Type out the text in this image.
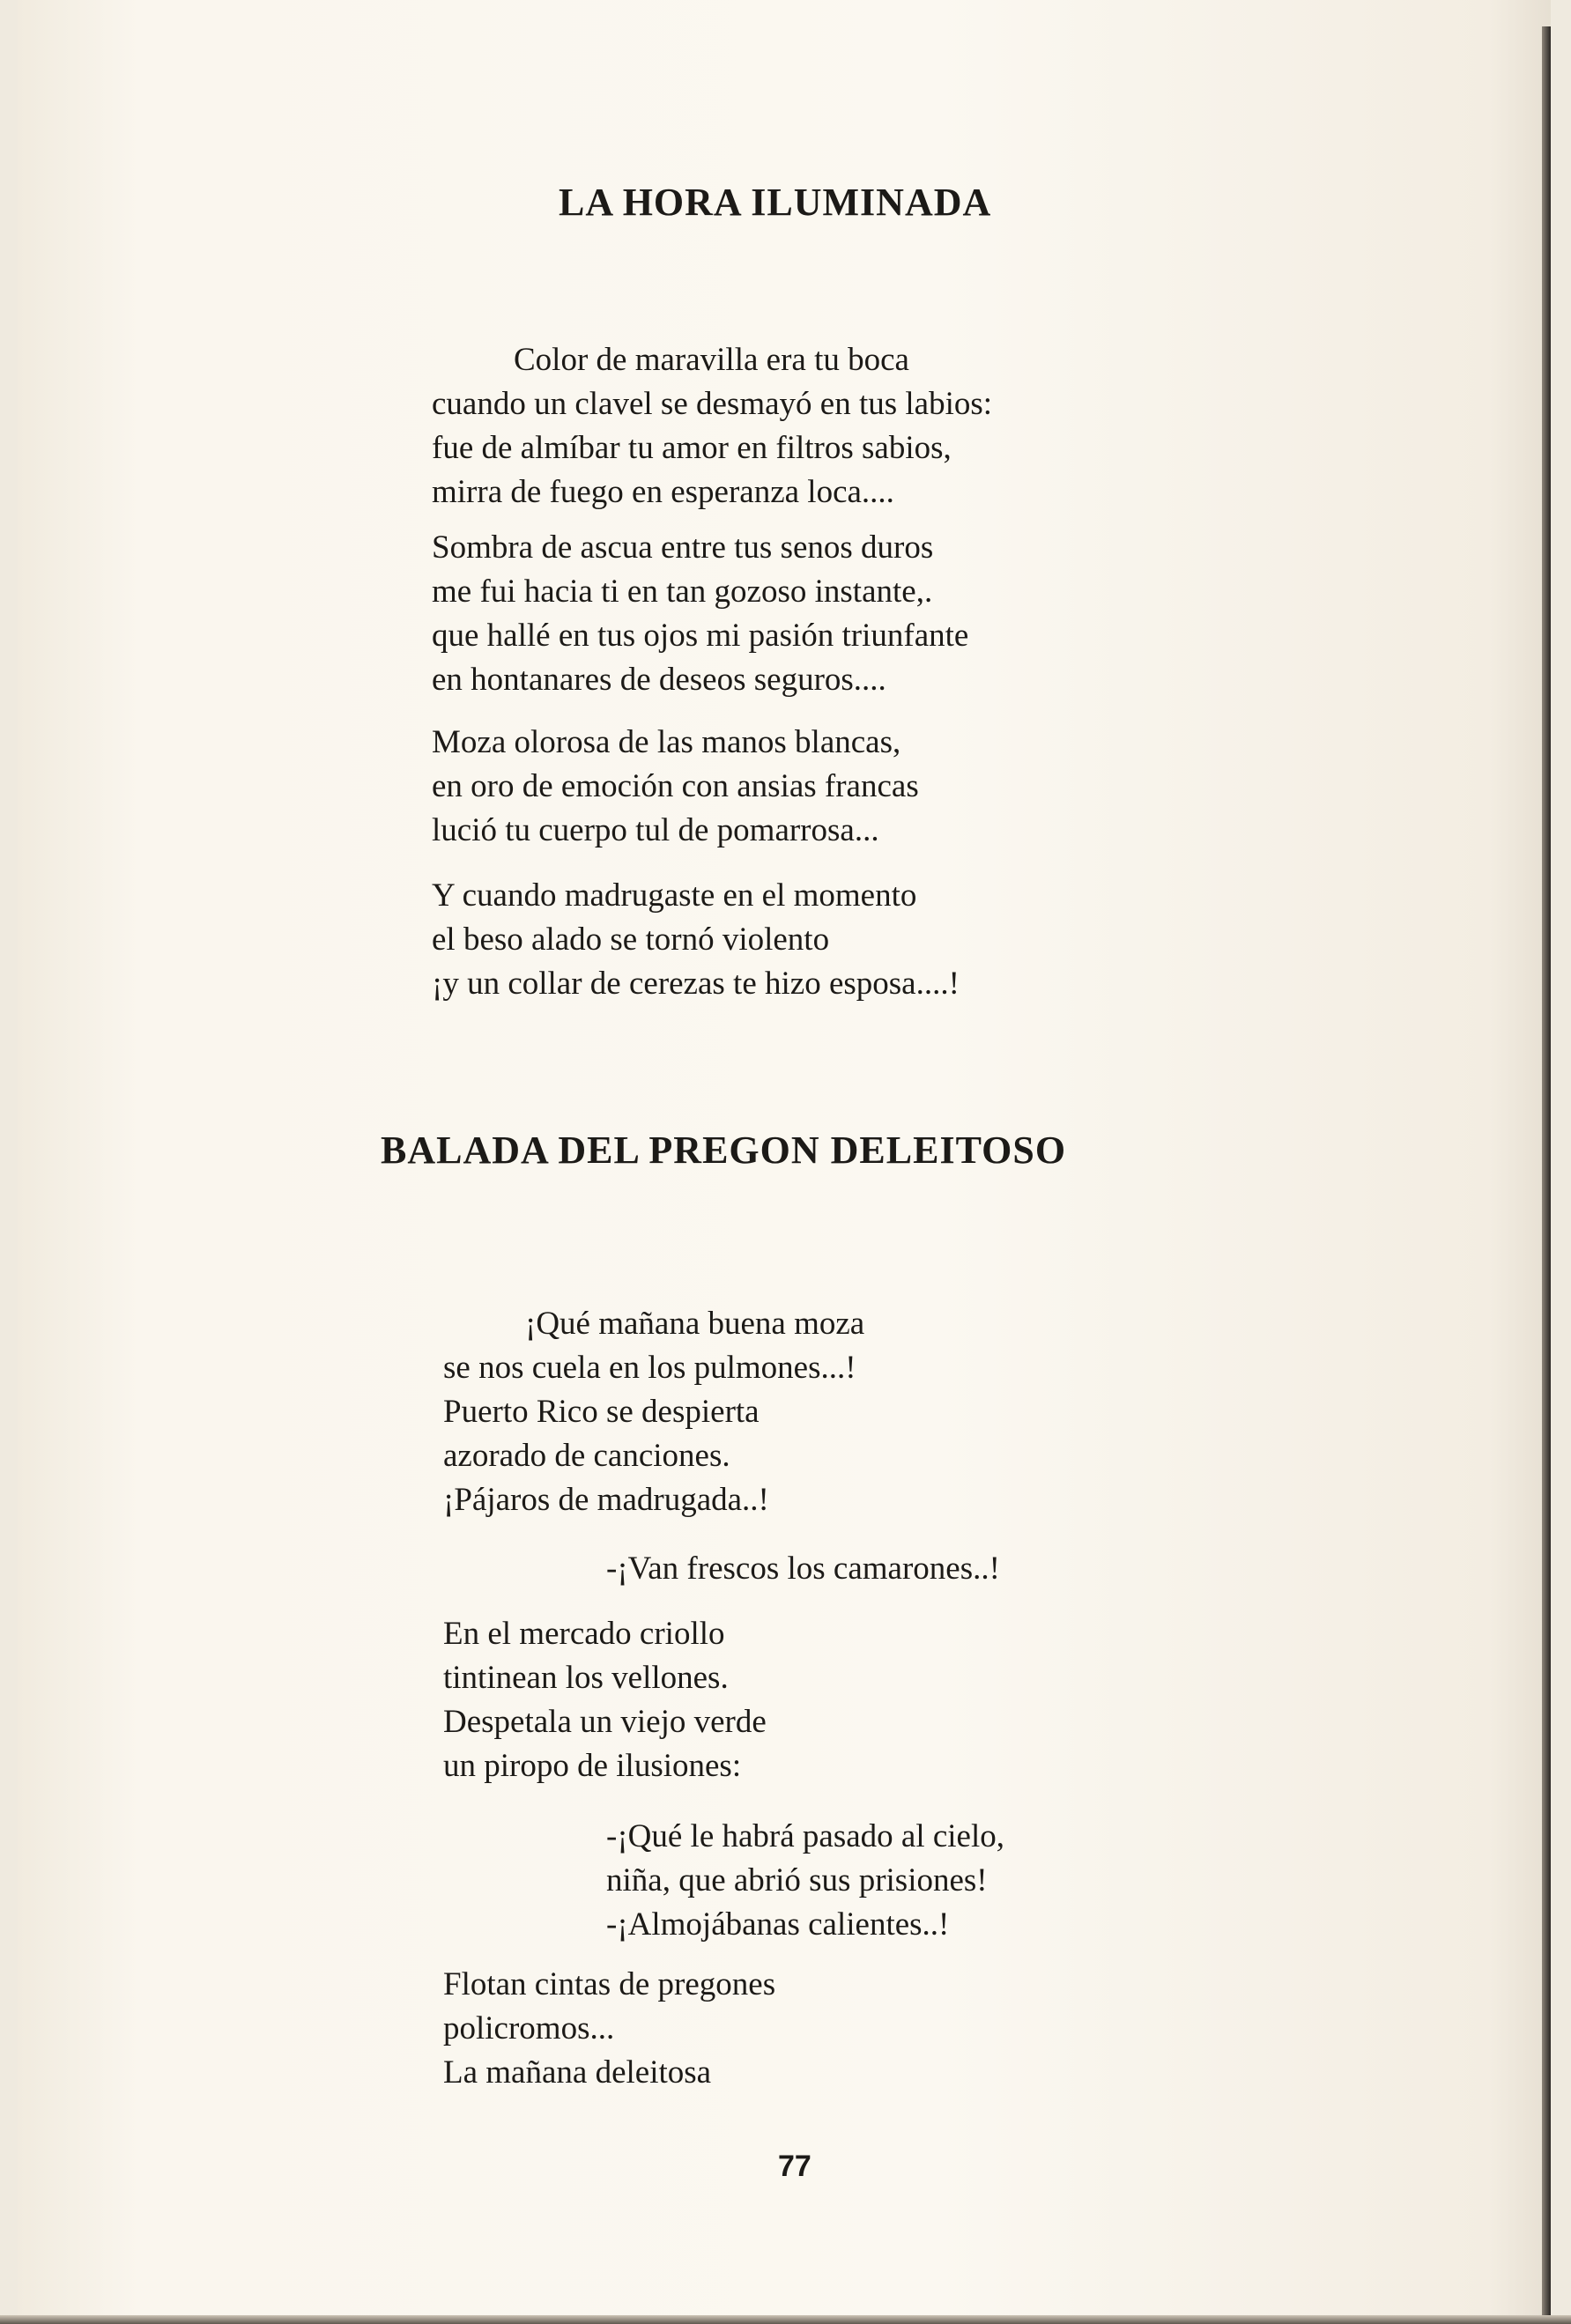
LA HORA ILUMINADA
Color de maravilla era tu boca
cuando un clavel se desmayó en tus labios:
fue de almíbar tu amor en filtros sabios,
mirra de fuego en esperanza loca....
Sombra de ascua entre tus senos duros
me fui hacia ti en tan gozoso instante,.
que hallé en tus ojos mi pasión triunfante
en hontanares de deseos seguros....
Moza olorosa de las manos blancas,
en oro de emoción con ansias francas
lució tu cuerpo tul de pomarrosa...
Y cuando madrugaste en el momento
el beso alado se tornó violento
¡y un collar de cerezas te hizo esposa....!
BALADA DEL PREGON DELEITOSO
¡Qué mañana buena moza
se nos cuela en los pulmones...!
Puerto Rico se despierta
azorado de canciones.
¡Pájaros de madrugada..!
-¡Van frescos los camarones..!
En el mercado criollo
tintinean los vellones.
Despetala un viejo verde
un piropo de ilusiones:
-¡Qué le habrá pasado al cielo,
niña, que abrió sus prisiones!
-¡Almojábanas calientes..!
Flotan cintas de pregones
policromos...
La mañana deleitosa
77
